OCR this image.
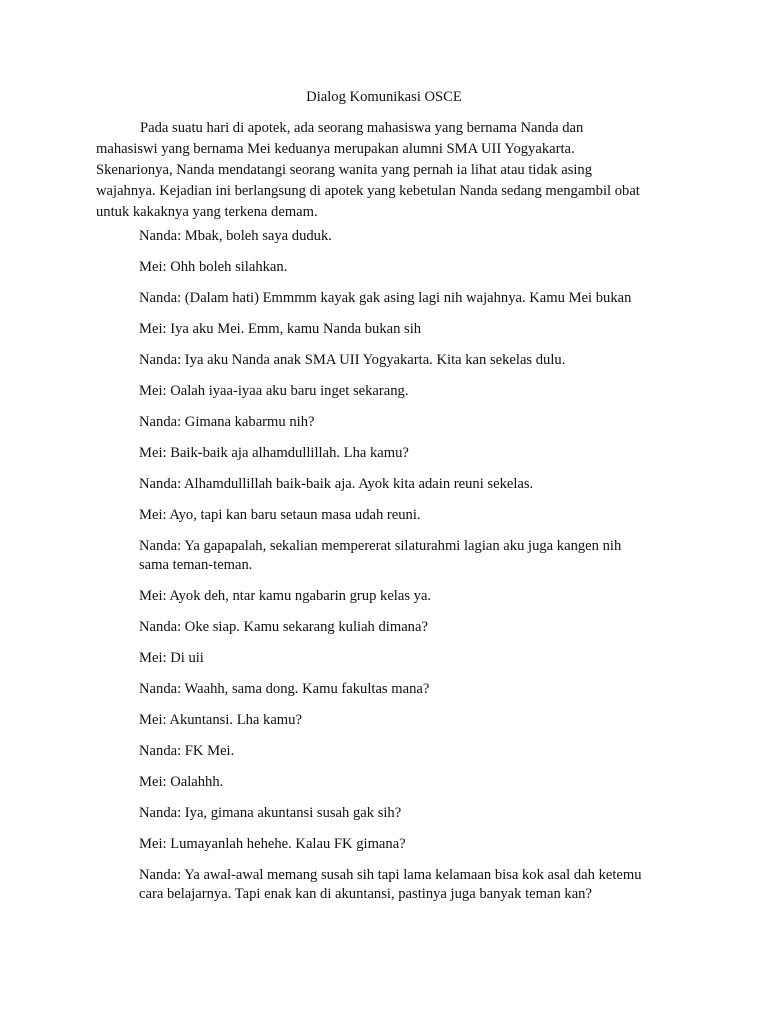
Dialog Komunikasi OSCE
Pada suatu hari di apotek, ada seorang mahasiswa yang bernama Nanda dan
mahasiswi yang bernama Mei keduanya merupakan alumni SMA UII Yogyakarta.
Skenarionya, Nanda mendatangi seorang wanita yang pernah ia lihat atau tidak asing
wajahnya. Kejadian ini berlangsung di apotek yang kebetulan Nanda sedang mengambil obat
untuk kakaknya yang terkena demam.
Nanda: Mbak, boleh saya duduk.
Mei: Ohh boleh silahkan.
Nanda: (Dalam hati) Emmmm kayak gak asing lagi nih wajahnya. Kamu Mei bukan
Mei: Iya aku Mei. Emm, kamu Nanda bukan sih
Nanda: Iya aku Nanda anak SMA UII Yogyakarta. Kita kan sekelas dulu.
Mei: Oalah iyaa-iyaa aku baru inget sekarang.
Nanda: Gimana kabarmu nih?
Mei: Baik-baik aja alhamdullillah. Lha kamu?
Nanda: Alhamdullillah baik-baik aja. Ayok kita adain reuni sekelas.
Mei: Ayo, tapi kan baru setaun masa udah reuni.
Nanda: Ya gapapalah, sekalian mempererat silaturahmi lagian aku juga kangen nih
sama teman-teman.
Mei: Ayok deh, ntar kamu ngabarin grup kelas ya.
Nanda: Oke siap. Kamu sekarang kuliah dimana?
Mei: Di uii
Nanda: Waahh, sama dong. Kamu fakultas mana?
Mei: Akuntansi. Lha kamu?
Nanda: FK Mei.
Mei: Oalahhh.
Nanda: Iya, gimana akuntansi susah gak sih?
Mei: Lumayanlah hehehe. Kalau FK gimana?
Nanda: Ya awal-awal memang susah sih tapi lama kelamaan bisa kok asal dah ketemu
cara belajarnya. Tapi enak kan di akuntansi, pastinya juga banyak teman kan?
